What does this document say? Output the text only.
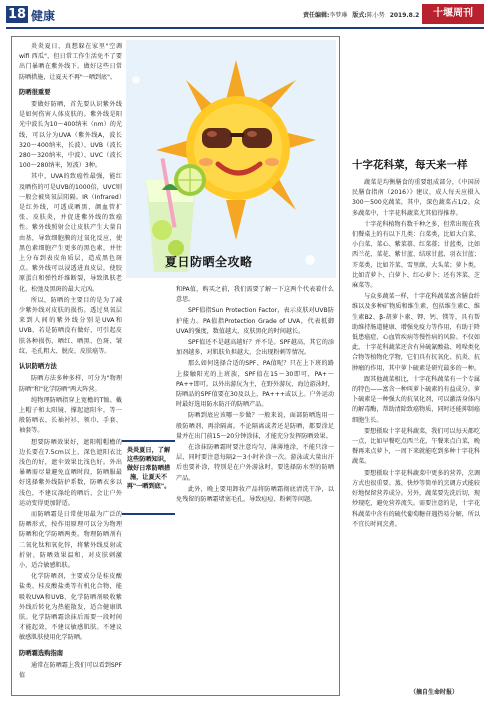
18 健康	责任编辑:李梦琳 版式:陈小势 2019.8.2	十堰周刊

炎炎夏日，真想躲在家里"空调 wifi 西瓜"，但日常工作生活免不了要出门暴晒在紫外线下。做好这些日常防晒措施，让夏天不再"一晒到底"。

防晒很重要

要做好防晒，首先要认识紫外线是如何伤害人体皮肤的。紫外线是阳光中波长为10～400纳米（nm）的光线，可以分为UVA（紫外线A，波长320～400纳米，长波）、UVB（波长280～320纳米，中波）、UVC（波长100～280纳米，短波）3种。

其中，UVA的致癌性最强，能红及晒伤的可是UVB的1000倍，UVC则一般会被臭氧层阻隔。IR（Infrared）是红外线，可透成晒黑，颜血管扩张、皮肤炎，并促进紫外线的致癌性。紫外线照射会让皮肤产生大量自由基，导致细胞膜的过氧化反应，使黑色素细胞产生更多的黑色素，并往上分布到表皮角质层，造成黑色斑点。紫外线可以浸透进真皮层，使胶原蛋白和弹性纤维断裂，导致肌肤老化，松弛及黑斑的最大元凶。

所以，防晒的主要目的是为了减少紫外线对皮肤的损伤。透过臭氧层来到人间的紫外线分别是UVA和UVB，若是防晒没有做好，可引起皮肤各种损伤，晒红、晒黑、色斑、皱纹、毛孔粗大、脱皮、皮肤癌等。

认识防晒方法

防晒方法多种多样，可分为"物理防晒"和"化学防晒"两大阵营。

纯物理防晒指穿上宽檐的T恤、戴上帽子和太阳镜、撑起遮阳伞，等一般防晒衣、长袖衬衫、领巾、手套、袖套等。

想要防晒效果好，遮阳帽帽檐的边长要在7.5cm以上，深色遮阳衣比浅色的好，遮伞效果比浅色好。外出暴晒需尽量避免直晒时段，防晒服最好选择紫外线防护系数，防晒衣多以浅色，不建议涤纶的晒后，会让户外运动变得更加舒适。

而防晒霜是日常使用最为广泛的防晒形式，按作用原理可以分为物理防晒和化学防晒两类。物理防晒剂有二氧化钛和氧化锌，将紫外线反射或折射，防晒效果温和，对皮肤刺激小，适合敏感肌肤。

化学防晒剂，主要成分是桂皮酸盐类、桂皮酸盐类等有机化合物，能吸收UVA和UVB，化学防晒剂吸收紫外线后转化为热能散发，适合健康肌肤。化学防晒霜涂抹后需要一段时间才能起效，不建议敏感肌肤。不建议敏感肌肤使用化学防晒。

防晒霜选购指南

通常在防晒霜上我们可以看到SPF值

夏日防晒全攻略
炎炎夏日，了解这些防晒知识，做好日常防晒措施，让夏天不再"一晒到底"。

和PA值，购买之前，我们需要了解一下这两个代表着什么意思。

SPF值指Sun Protection Factor，表示皮肤对UVB防护能力。PA值指Protection Grade of UVA，代表抵御UVA的强度，数值越大，皮肤黑化的时间越长。

SPF值还不是越高越好？并不是。SPF越高，其它的添加剂越多，对肌肤负担越大，会出现粉刺等情况。

那么如何选择合适的SPF、PA值呢？只在上下班的路上接触阳光的上班族，SPF值在15～30即可，PA+～PA++即可。以外出游玩为主，在野外游玩、海边游泳时，防晒品的SPF值要在30及以上，PA+++或以上。户外运动时最好选用防水防汗的防晒产品。

防晒到底应该哪一步做？一般来说，面部防晒选用一般防晒剂，再涂隔离。不论隔离或者还是防晒，都要涂足量并在出门前15～20分钟涂抹，才能充分发挥防晒效果。

在涂抹防晒霜时要注意均匀，薄薄地涂，不能只涂一层，同时要注意每隔2～3小时补涂一次。游泳或大量出汗后也要补涂，特别是在户外游泳时，要选择防水型的防晒产品。

此外，晚上要用卸妆产品将防晒霜彻底清洗干净，以免残留的防晒霜堵塞毛孔，导致痘痘、粉刺等问题。

十字花科菜，每天来一样

蔬菜是均衡膳食的重要组成部分，《中国居民膳食指南（2016）》建议，成人每天应摄入300～500克蔬菜，其中，深色蔬菜占1/2。众多蔬菜中，十字花科蔬菜尤其值得推荐。

十字花科植物有数千种之多，但常出现在我们餐桌上的有以下几类：白菜类，比如大白菜、小白菜、菜心、紫菜薹、红菜薹；甘蓝类，比如西兰花、菜花、紫甘蓝、结球甘蓝、羽衣甘蓝；芥菜类，比如芥菜、雪里蕻、大头菜；萝卜类，比如青萝卜、白萝卜、红心萝卜；还有荠菜、芝麻菜等。

与众多蔬菜一样，十字花科蔬菜富含膳食纤维以及多种矿物质和维生素，包括维生素C、维生素B2、β-胡萝卜素、钾、钙、镁等，具有帮助维持肠道健康、增强免疫力等作用，有助于降低患癌症、心血管疾病等慢性病的风险。不仅如此，十字花科蔬菜还含有异硫氰酸盐、吲哚类化合物等植物化学物，它们具有抗氧化、抗炎、抗肿瘤的作用，其中萝卜硫素是研究最多的一种。

跟其他蔬菜相比，十字花科蔬菜有一个专属的特色——富含一种叫萝卜硫素的有益成分。萝卜硫素是一种强大的抗氧化剂，可以激活身体内的解毒酶，帮助清除致癌物质，同时还能抑制癌细胞生长。

要想摄取十字花科蔬菜，我们可以每天都吃一点，比如早餐吃点西兰花，午餐来点白菜，晚餐再来点萝卜，一周下来就能吃到多种十字花科蔬菜。

要想摄取十字花科蔬菜中更多的营养，烹调方式也很重要。蒸、快炒等简单的烹调方式能较好地保留营养成分。另外，蔬菜要先洗后切，现炒现吃，避免营养流失。需要注意的是，十字花科蔬菜中含有的硫代葡萄糖苷遇热易分解，所以不宜长时间烹煮。

（摘自生命时报）
